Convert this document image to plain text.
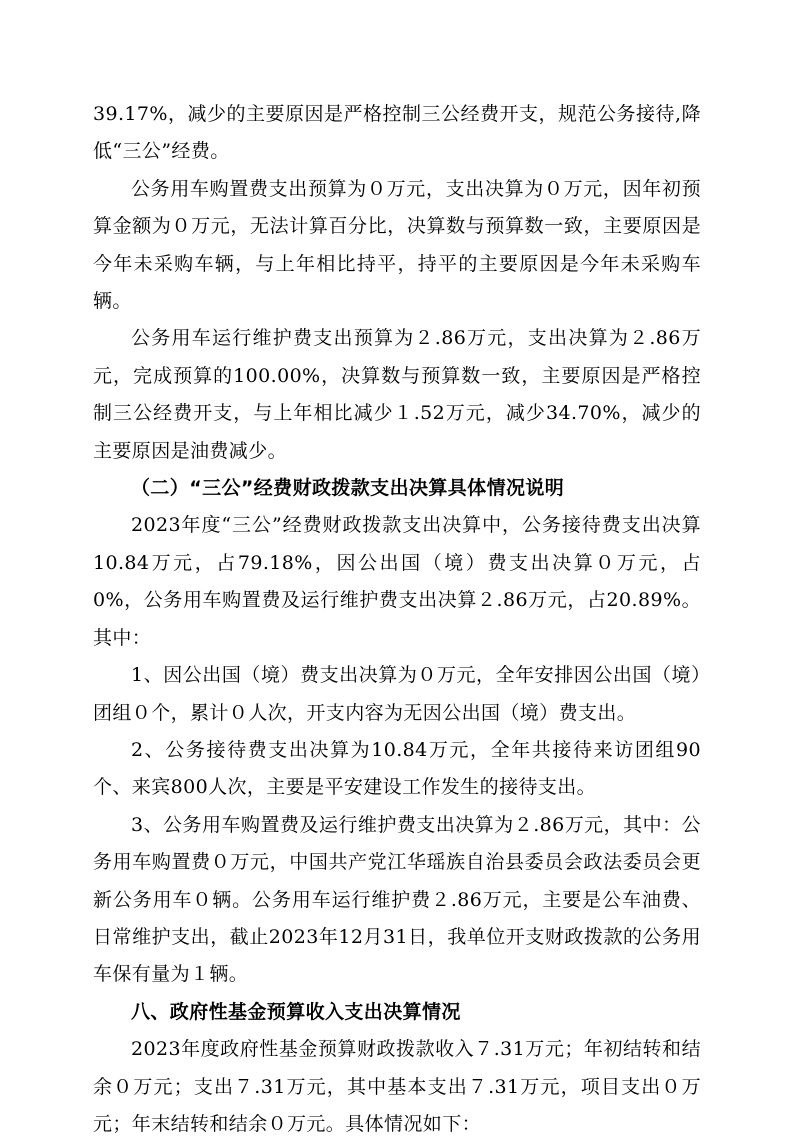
39.17%，减少的主要原因是严格控制三公经费开支，规范公务接待,降低“三公”经费。

公务用车购置费支出预算为０万元，支出决算为０万元，因年初预算金额为０万元，无法计算百分比，决算数与预算数一致，主要原因是今年未采购车辆，与上年相比持平，持平的主要原因是今年未采购车辆。

公务用车运行维护费支出预算为２.86万元，支出决算为２.86万元，完成预算的100.00%，决算数与预算数一致，主要原因是严格控制三公经费开支，与上年相比减少１.52万元，减少34.70%，减少的主要原因是油费减少。

（二）“三公”经费财政拨款支出决算具体情况说明

2023年度“三公”经费财政拨款支出决算中，公务接待费支出决算10.84万元，占79.18%，因公出国（境）费支出决算０万元，占0%，公务用车购置费及运行维护费支出决算２.86万元，占20.89%。其中：

1、因公出国（境）费支出决算为０万元，全年安排因公出国（境）团组０个，累计０人次，开支内容为无因公出国（境）费支出。

2、公务接待费支出决算为10.84万元，全年共接待来访团组90个、来宾800人次，主要是平安建设工作发生的接待支出。

3、公务用车购置费及运行维护费支出决算为２.86万元，其中：公务用车购置费０万元，中国共产党江华瑶族自治县委员会政法委员会更新公务用车０辆。公务用车运行维护费２.86万元，主要是公车油费、日常维护支出，截止2023年12月31日，我单位开支财政拨款的公务用车保有量为１辆。

八、政府性基金预算收入支出决算情况

2023年度政府性基金预算财政拨款收入７.31万元；年初结转和结余０万元；支出７.31万元，其中基本支出７.31万元，项目支出０万元；年末结转和结余０万元。具体情况如下：
